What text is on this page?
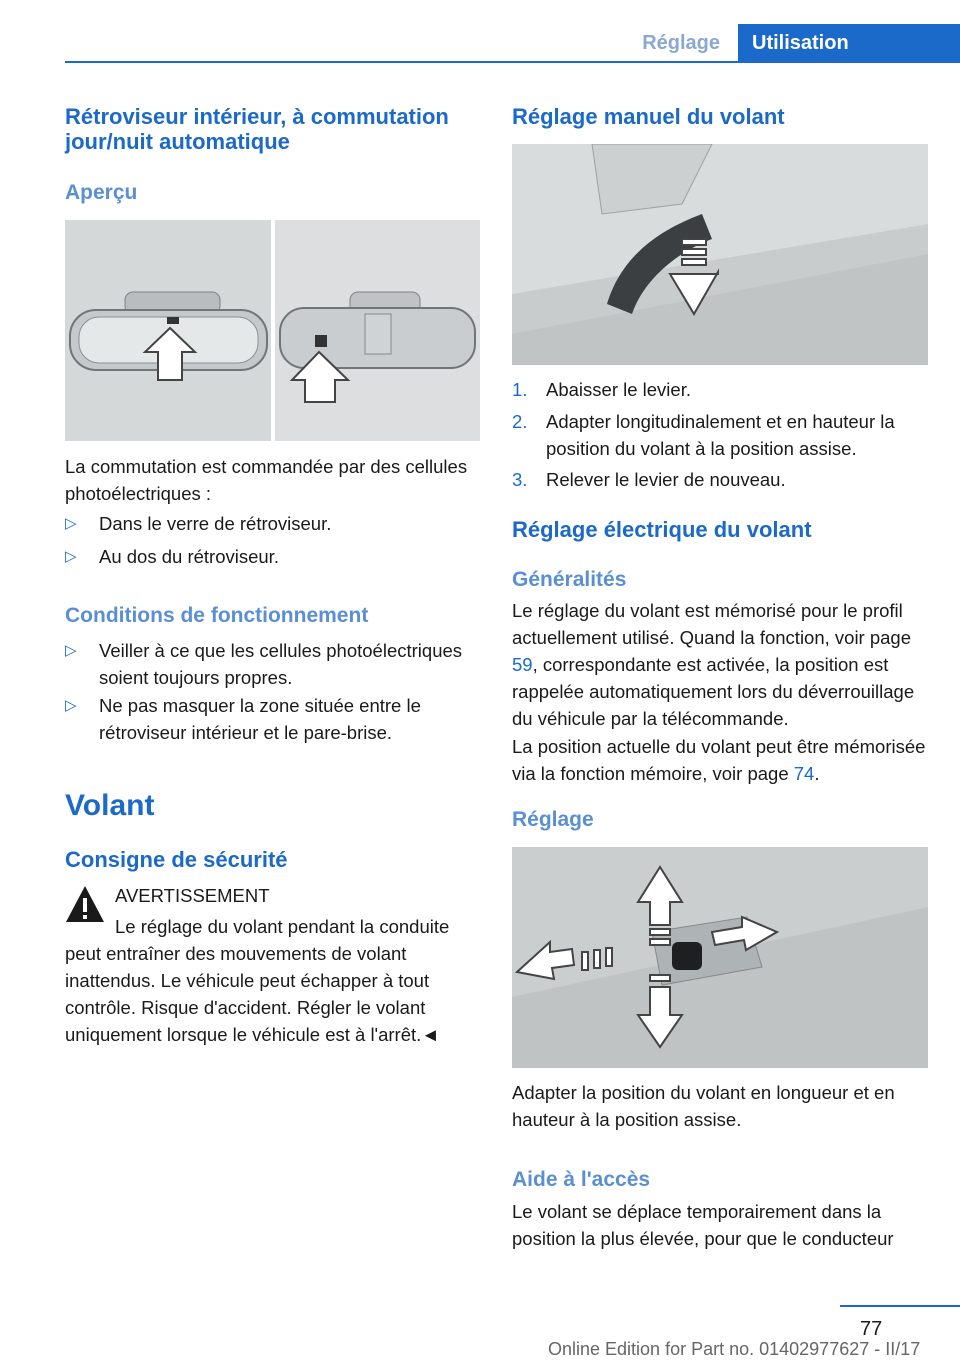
Réglage	Utilisation
Rétroviseur intérieur, à commutation jour/nuit automatique
Aperçu

La commutation est commandée par des cellules photoélectriques :

▷	Dans le verre de rétroviseur.
▷	Au dos du rétroviseur.
Conditions de fonctionnement
▷	Veiller à ce que les cellules photoélectriques soient toujours propres.
▷	Ne pas masquer la zone située entre le rétroviseur intérieur et le pare-brise.
Volant
Consigne de sécurité
AVERTISSEMENT

Le réglage du volant pendant la conduite peut entraîner des mouvements de volant inattendus. Le véhicule peut échapper à tout contrôle. Risque d'accident. Régler le volant uniquement lorsque le véhicule est à l'arrêt.◄

Réglage manuel du volant
1.	Abaisser le levier.
2.	Adapter longitudinalement et en hauteur la position du volant à la position assise.
3.	Relever le levier de nouveau.
Réglage électrique du volant
Généralités

Le réglage du volant est mémorisé pour le profil actuellement utilisé. Quand la fonction, voir page 59, correspondante est activée, la position est rappelée automatiquement lors du déverrouillage du véhicule par la télécommande.

La position actuelle du volant peut être mémorisée via la fonction mémoire, voir page 74.

Réglage

Adapter la position du volant en longueur et en hauteur à la position assise.

Aide à l'accès

Le volant se déplace temporairement dans la position la plus élevée, pour que le conducteur

77
Online Edition for Part no. 01402977627 - II/17
